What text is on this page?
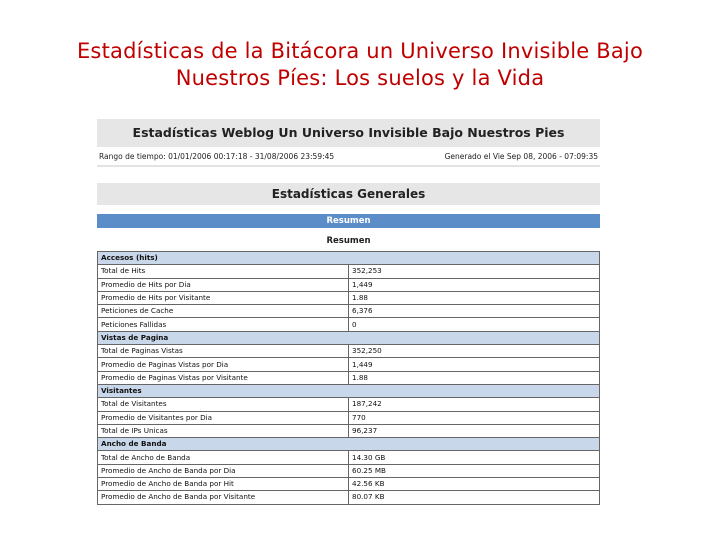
Estadísticas de la Bitácora un Universo Invisible Bajo
Nuestros Píes: Los suelos y la Vida
Estadísticas Weblog Un Universo Invisible Bajo Nuestros Pies
Rango de tiempo: 01/01/2006 00:17:18 - 31/08/2006 23:59:45	Generado el Vie Sep 08, 2006 - 07:09:35
Estadísticas Generales
Resumen
Resumen
Accesos (hits)	
Total de Hits	352,253
Promedio de Hits por Dia	1,449
Promedio de Hits por Visitante	1.88
Peticiones de Cache	6,376
Peticiones Fallidas	0
Vistas de Pagina	
Total de Paginas Vistas	352,250
Promedio de Paginas Vistas por Dia	1,449
Promedio de Paginas Vistas por Visitante	1.88
Visitantes	
Total de Visitantes	187,242
Promedio de Visitantes por Dia	770
Total de IPs Unicas	96,237
Ancho de Banda	
Total de Ancho de Banda	14.30 GB
Promedio de Ancho de Banda por Dia	60.25 MB
Promedio de Ancho de Banda por Hit	42.56 KB
Promedio de Ancho de Banda por Visitante	80.07 KB
